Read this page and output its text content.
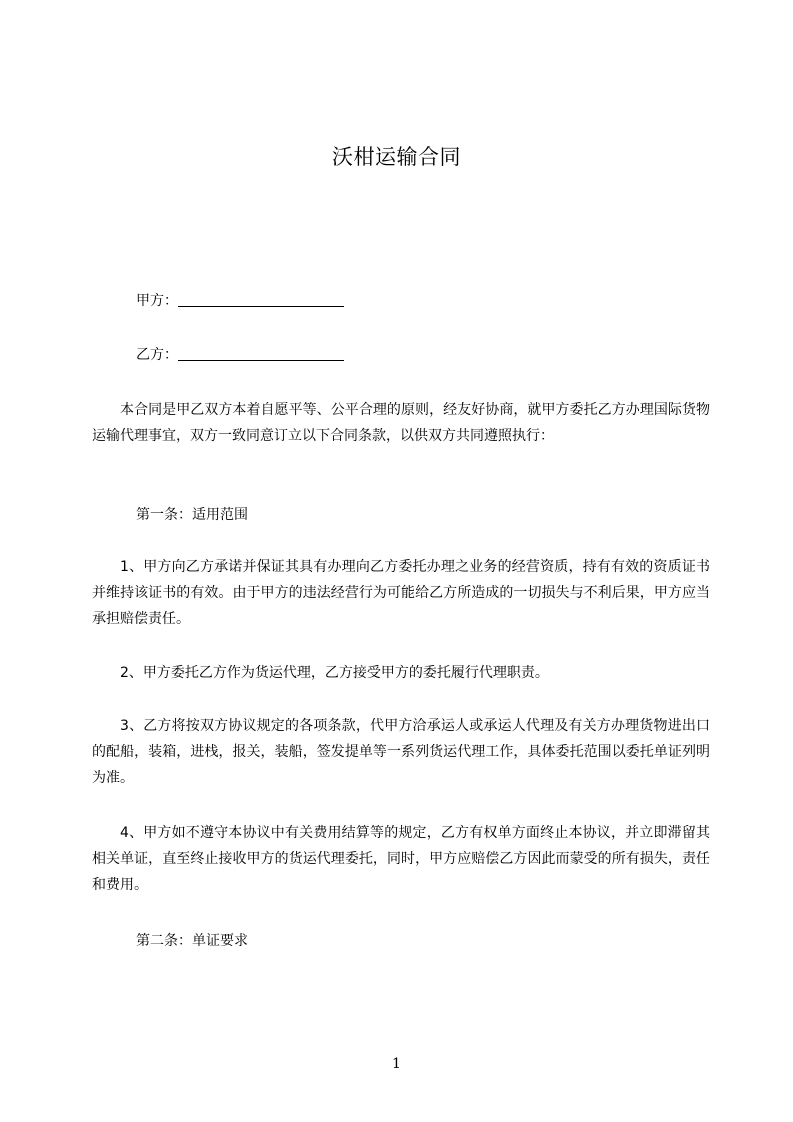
沃柑运输合同
甲方：
乙方：

本合同是甲乙双方本着自愿平等、公平合理的原则，经友好协商，就甲方委托乙方办理国际货物运输代理事宜，双方一致同意订立以下合同条款，以供双方共同遵照执行：

第一条：适用范围

1、甲方向乙方承诺并保证其具有办理向乙方委托办理之业务的经营资质，持有有效的资质证书并维持该证书的有效。由于甲方的违法经营行为可能给乙方所造成的一切损失与不利后果，甲方应当承担赔偿责任。

2、甲方委托乙方作为货运代理，乙方接受甲方的委托履行代理职责。

3、乙方将按双方协议规定的各项条款，代甲方洽承运人或承运人代理及有关方办理货物进出口的配船，装箱，进栈，报关，装船，签发提单等一系列货运代理工作，具体委托范围以委托单证列明为准。

4、甲方如不遵守本协议中有关费用结算等的规定，乙方有权单方面终止本协议，并立即滞留其相关单证，直至终止接收甲方的货运代理委托，同时，甲方应赔偿乙方因此而蒙受的所有损失，责任和费用。

第二条：单证要求
1
